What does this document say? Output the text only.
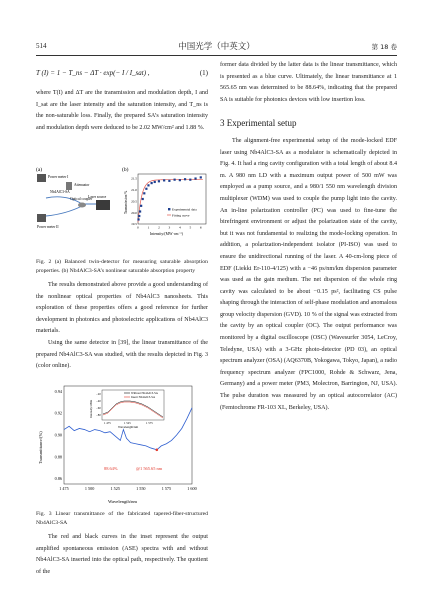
514	中国光学（中英文）	第 18 卷
T (I) = 1 − T_ns − ΔT · exp(− I / I_sat) ,	(1)

where T(I) and ΔT are the transmission and modulation depth, I and I_sat are the laser intensity and the saturation intensity, and T_ns is the non-saturable loss. Finally, the prepared SA’s saturation intensity and modulation depth were deduced to be 2.02 MW/cm² and 1.88 %.

(a)
Power meter I
Attenuator
Nb4AlC3-SA
Optical coupler
Laser source
Power meter II
(b)
Transmission/%
Intensity/(MW·cm⁻²)
21.5
21.0
20.5
20.0
19.5
0	1	2	3	4	5	6
Experimental data
Fitting curve

Fig. 2 (a) Balanced twin-detector for measuring saturable absorption properties. (b) Nb4AlC3-SA’s nonlinear saturable absorption property

The results demonstrated above provide a good understanding of the nonlinear optical properties of Nb4AlC3 nanosheets. This exploration of these properties offers a good reference for further development in photonics and photoelectric applications of Nb4AlC3 materials.

Using the same detector in [39], the linear transmittance of the prepared Nb4AlC3-SA was studied, with the results depicted in Fig. 3 (color online).

Transmittance/(%)
Wavelength/nm
0.94
0.92
0.90
0.88
0.86
1 475	1 500	1 525	1 550	1 575	1 600
88.64%	@1 565.65 nm
Intensity/dBm
−20
−40
−60
−80
1 475	1 525	1 575
Wavelength/nm
Without Nb4AlC3-SA
Insert Nb4AlC3-SA

Fig. 3 Linear transmittance of the fabricated tapered-fiber-structured Nb4AlC3-SA

The red and black curves in the inset represent the output amplified spontaneous emission (ASE) spectra with and without Nb4AlC3-SA inserted into the optical path, respectively. The quotient of the

former data divided by the latter data is the linear transmittance, which is presented as a blue curve. Ultimately, the linear transmittance at 1 565.65 nm was determined to be 88.64%, indicating that the prepared SA is suitable for photonics devices with low insertion loss.

3 Experimental setup

The alignment-free experimental setup of the mode-locked EDF laser using Nb4AlC3-SA as a modulator is schematically depicted in Fig. 4. It had a ring cavity configuration with a total length of about 8.4 m. A 980 nm LD with a maximum output power of 500 mW was employed as a pump source, and a 980/1 550 nm wavelength division multiplexer (WDM) was used to couple the pump light into the cavity. An in-line polarization controller (PC) was used to fine-tune the birefringent environment or adjust the polarization state of the cavity, but it was not fundamental to realizing the mode-locking operation. In addition, a polarization-independent isolator (PI-ISO) was used to ensure the unidirectional running of the laser. A 40-cm-long piece of EDF (Liekki Er-110-4/125) with a −46 ps/nm/km dispersion parameter was used as the gain medium. The net dispersion of the whole ring cavity was calculated to be about −0.15 ps², facilitating CS pulse shaping through the interaction of self-phase modulation and anomalous group velocity dispersion (GVD). 10 % of the signal was extracted from the cavity by an optical coupler (OC). The output performance was monitored by a digital oscilloscope (OSC) (Wavesurfer 3054, LeCroy, Teledyne, USA) with a 3-GHz photo-detector (PD 03), an optical spectrum analyzer (OSA) (AQ6370B, Yokogawa, Tokyo, Japan), a radio frequency spectrum analyzer (FPC1000, Rohde & Schwarz, Jena, Germany) and a power meter (PM3, Molectron, Barrington, NJ, USA). The pulse duration was measured by an optical autocorrelator (AC) (Femtochrome FR-103 XL, Berkeley, USA).
